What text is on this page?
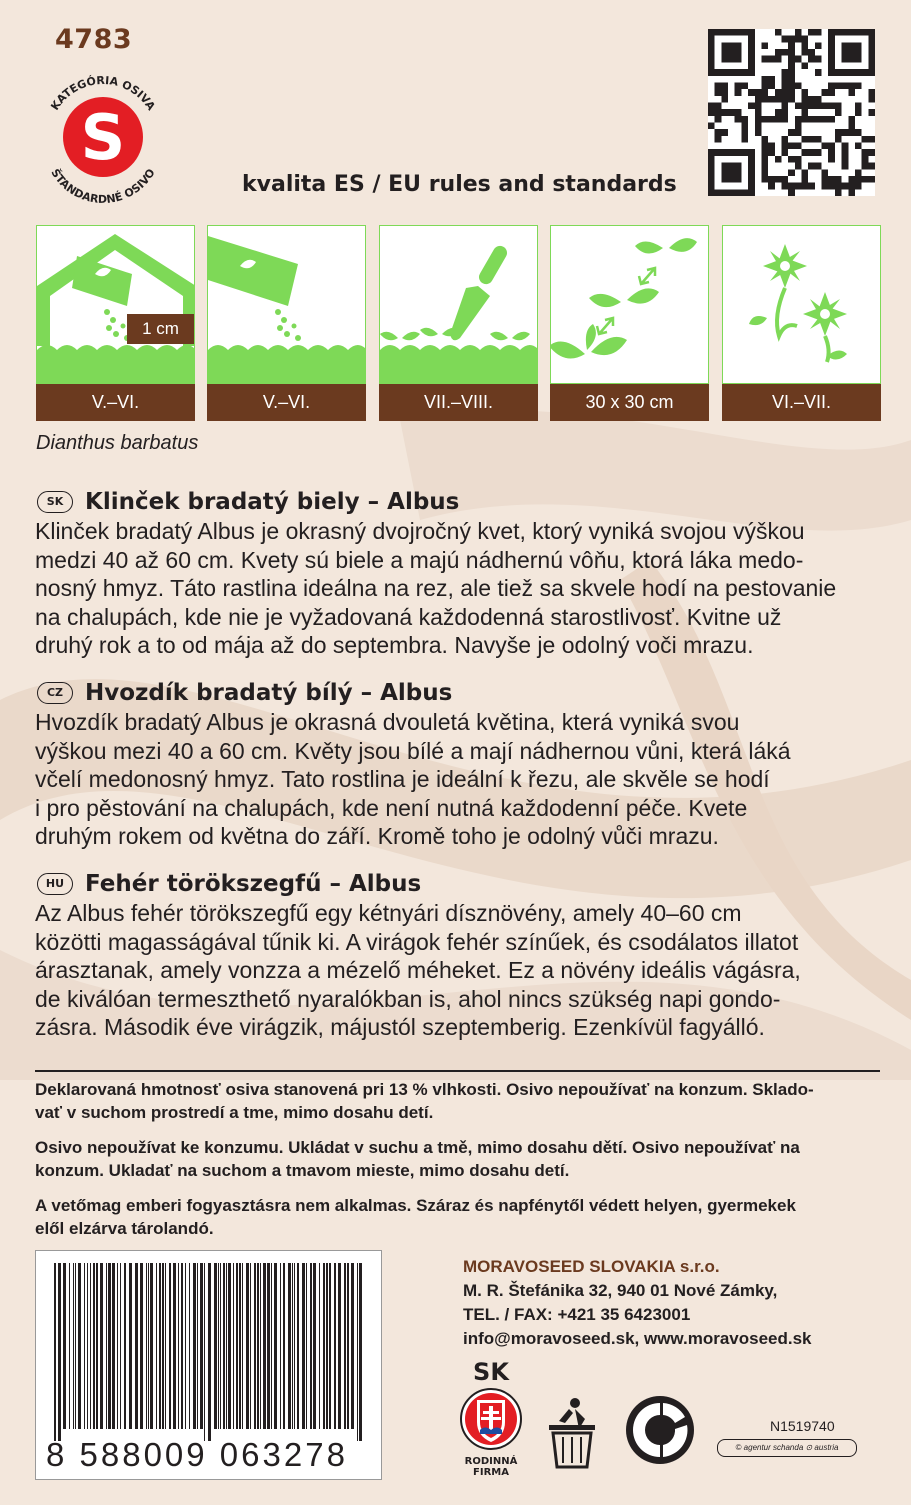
4783
S
KATEGÓRIA OSIVA
ŠTANDARDNÉ OSIVO	kvalita ES / EU rules and standards
1 cm
V.–VI.	V.–VI.	VII.–VIII.	30 x 30 cm	VI.–VII.
Dianthus barbatus
SK Klinček bradatý biely – Albus

Klinček bradatý Albus je okrasný dvojročný kvet, ktorý vyniká svojou výškou
medzi 40 až 60 cm. Kvety sú biele a majú nádhernú vôňu, ktorá láka medo-
nosný hmyz. Táto rastlina ideálna na rez, ale tiež sa skvele hodí na pestovanie
na chalupách, kde nie je vyžadovaná každodenná starostlivosť. Kvitne už
druhý rok a to od mája až do septembra. Navyše je odolný voči mrazu.

CZ Hvozdík bradatý bílý – Albus

Hvozdík bradatý Albus je okrasná dvouletá květina, která vyniká svou
výškou mezi 40 a 60 cm. Květy jsou bílé a mají nádhernou vůni, která láká
včelí medonosný hmyz. Tato rostlina je ideální k řezu, ale skvěle se hodí
i pro pěstování na chalupách, kde není nutná každodenní péče. Kvete
druhým rokem od května do září. Kromě toho je odolný vůči mrazu.

HU Fehér törökszegfű – Albus

Az Albus fehér törökszegfű egy kétnyári dísznövény, amely 40–60 cm
közötti magasságával tűnik ki. A virágok fehér színűek, és csodálatos illatot
árasztanak, amely vonzza a mézelő méheket. Ez a növény ideális vágásra,
de kiválóan termeszthető nyaralókban is, ahol nincs szükség napi gondo-
zásra. Második éve virágzik, májustól szeptemberig. Ezenkívül fagyálló.

Deklarovaná hmotnosť osiva stanovená pri 13 % vlhkosti. Osivo nepoužívať na konzum. Sklado-
vať v suchom prostredí a tme, mimo dosahu detí.

Osivo nepoužívat ke konzumu. Ukládat v suchu a tmě, mimo dosahu dětí. Osivo nepoužívať na
konzum. Ukladať na suchom a tmavom mieste, mimo dosahu detí.

A vetőmag emberi fogyasztásra nem alkalmas. Száraz és napfénytől védett helyen, gyermekek
elől elzárva tárolandó.

8 588009 063278
MORAVOSEED SLOVAKIA s.r.o.
M. R. Štefánika 32, 940 01 Nové Zámky,
TEL. / FAX: +421 35 6423001
info@moravoseed.sk, www.moravoseed.sk
SK
RODINNÁ
FIRMA
N1519740
© agentur schanda ⊙ austria
